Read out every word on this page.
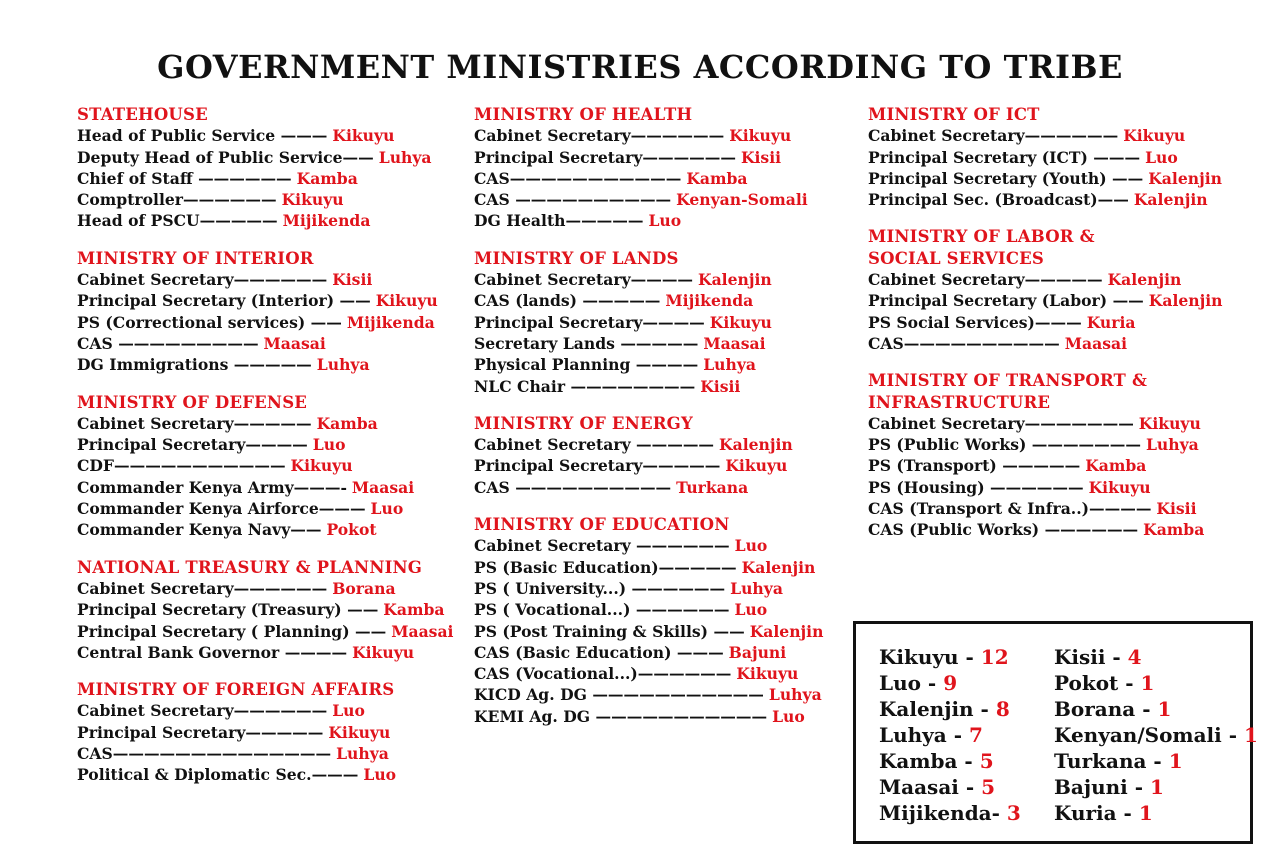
GOVERNMENT MINISTRIES ACCORDING TO TRIBE
STATEHOUSE
Head of Public Service ——— Kikuyu
Deputy Head of Public Service—— Luhya
Chief of Staff —————— Kamba
Comptroller—————— Kikuyu
Head of PSCU————— Mijikenda
MINISTRY OF INTERIOR
Cabinet Secretary—————— Kisii
Principal Secretary (Interior) —— Kikuyu
PS (Correctional services) —— Mijikenda
CAS ————————— Maasai
DG Immigrations ————— Luhya
MINISTRY OF DEFENSE
Cabinet Secretary————— Kamba
Principal Secretary———— Luo
CDF——————————— Kikuyu
Commander Kenya Army———- Maasai
Commander Kenya Airforce——— Luo
Commander Kenya Navy—— Pokot
NATIONAL TREASURY & PLANNING
Cabinet Secretary—————— Borana
Principal Secretary (Treasury) —— Kamba
Principal Secretary ( Planning) —— Maasai
Central Bank Governor ———— Kikuyu
MINISTRY OF FOREIGN AFFAIRS
Cabinet Secretary—————— Luo
Principal Secretary————— Kikuyu
CAS—————————————— Luhya
Political & Diplomatic Sec.——— Luo
MINISTRY OF HEALTH
Cabinet Secretary—————— Kikuyu
Principal Secretary—————— Kisii
CAS——————————— Kamba
CAS —————————— Kenyan-Somali
DG Health————— Luo
MINISTRY OF LANDS
Cabinet Secretary———— Kalenjin
CAS (lands) ————— Mijikenda
Principal Secretary———— Kikuyu
Secretary Lands ————— Maasai
Physical Planning ———— Luhya
NLC Chair ———————— Kisii
MINISTRY OF ENERGY
Cabinet Secretary ————— Kalenjin
Principal Secretary————— Kikuyu
CAS —————————— Turkana
MINISTRY OF EDUCATION
Cabinet Secretary —————— Luo
PS (Basic Education)————— Kalenjin
PS ( University...) —————— Luhya
PS ( Vocational...) —————— Luo
PS (Post Training & Skills) —— Kalenjin
CAS (Basic Education) ——— Bajuni
CAS (Vocational...)—————— Kikuyu
KICD Ag. DG ——————————— Luhya
KEMI Ag. DG ——————————— Luo
MINISTRY OF ICT
Cabinet Secretary—————— Kikuyu
Principal Secretary (ICT) ——— Luo
Principal Secretary (Youth) —— Kalenjin
Principal Sec. (Broadcast)—— Kalenjin
MINISTRY OF LABOR & SOCIAL SERVICES
Cabinet Secretary————— Kalenjin
Principal Secretary (Labor) —— Kalenjin
PS Social Services)——— Kuria
CAS—————————— Maasai
MINISTRY OF TRANSPORT & INFRASTRUCTURE
Cabinet Secretary——————— Kikuyu
PS (Public Works) ——————— Luhya
PS (Transport) ————— Kamba
PS (Housing) —————— Kikuyu
CAS (Transport & Infra..)———— Kisii
CAS (Public Works) —————— Kamba
Kikuyu - 12
Luo - 9
Kalenjin - 8
Luhya - 7
Kamba - 5
Maasai - 5
Mijikenda- 3
Kisii - 4
Pokot - 1
Borana - 1
Kenyan/Somali - 1
Turkana - 1
Bajuni - 1
Kuria - 1
